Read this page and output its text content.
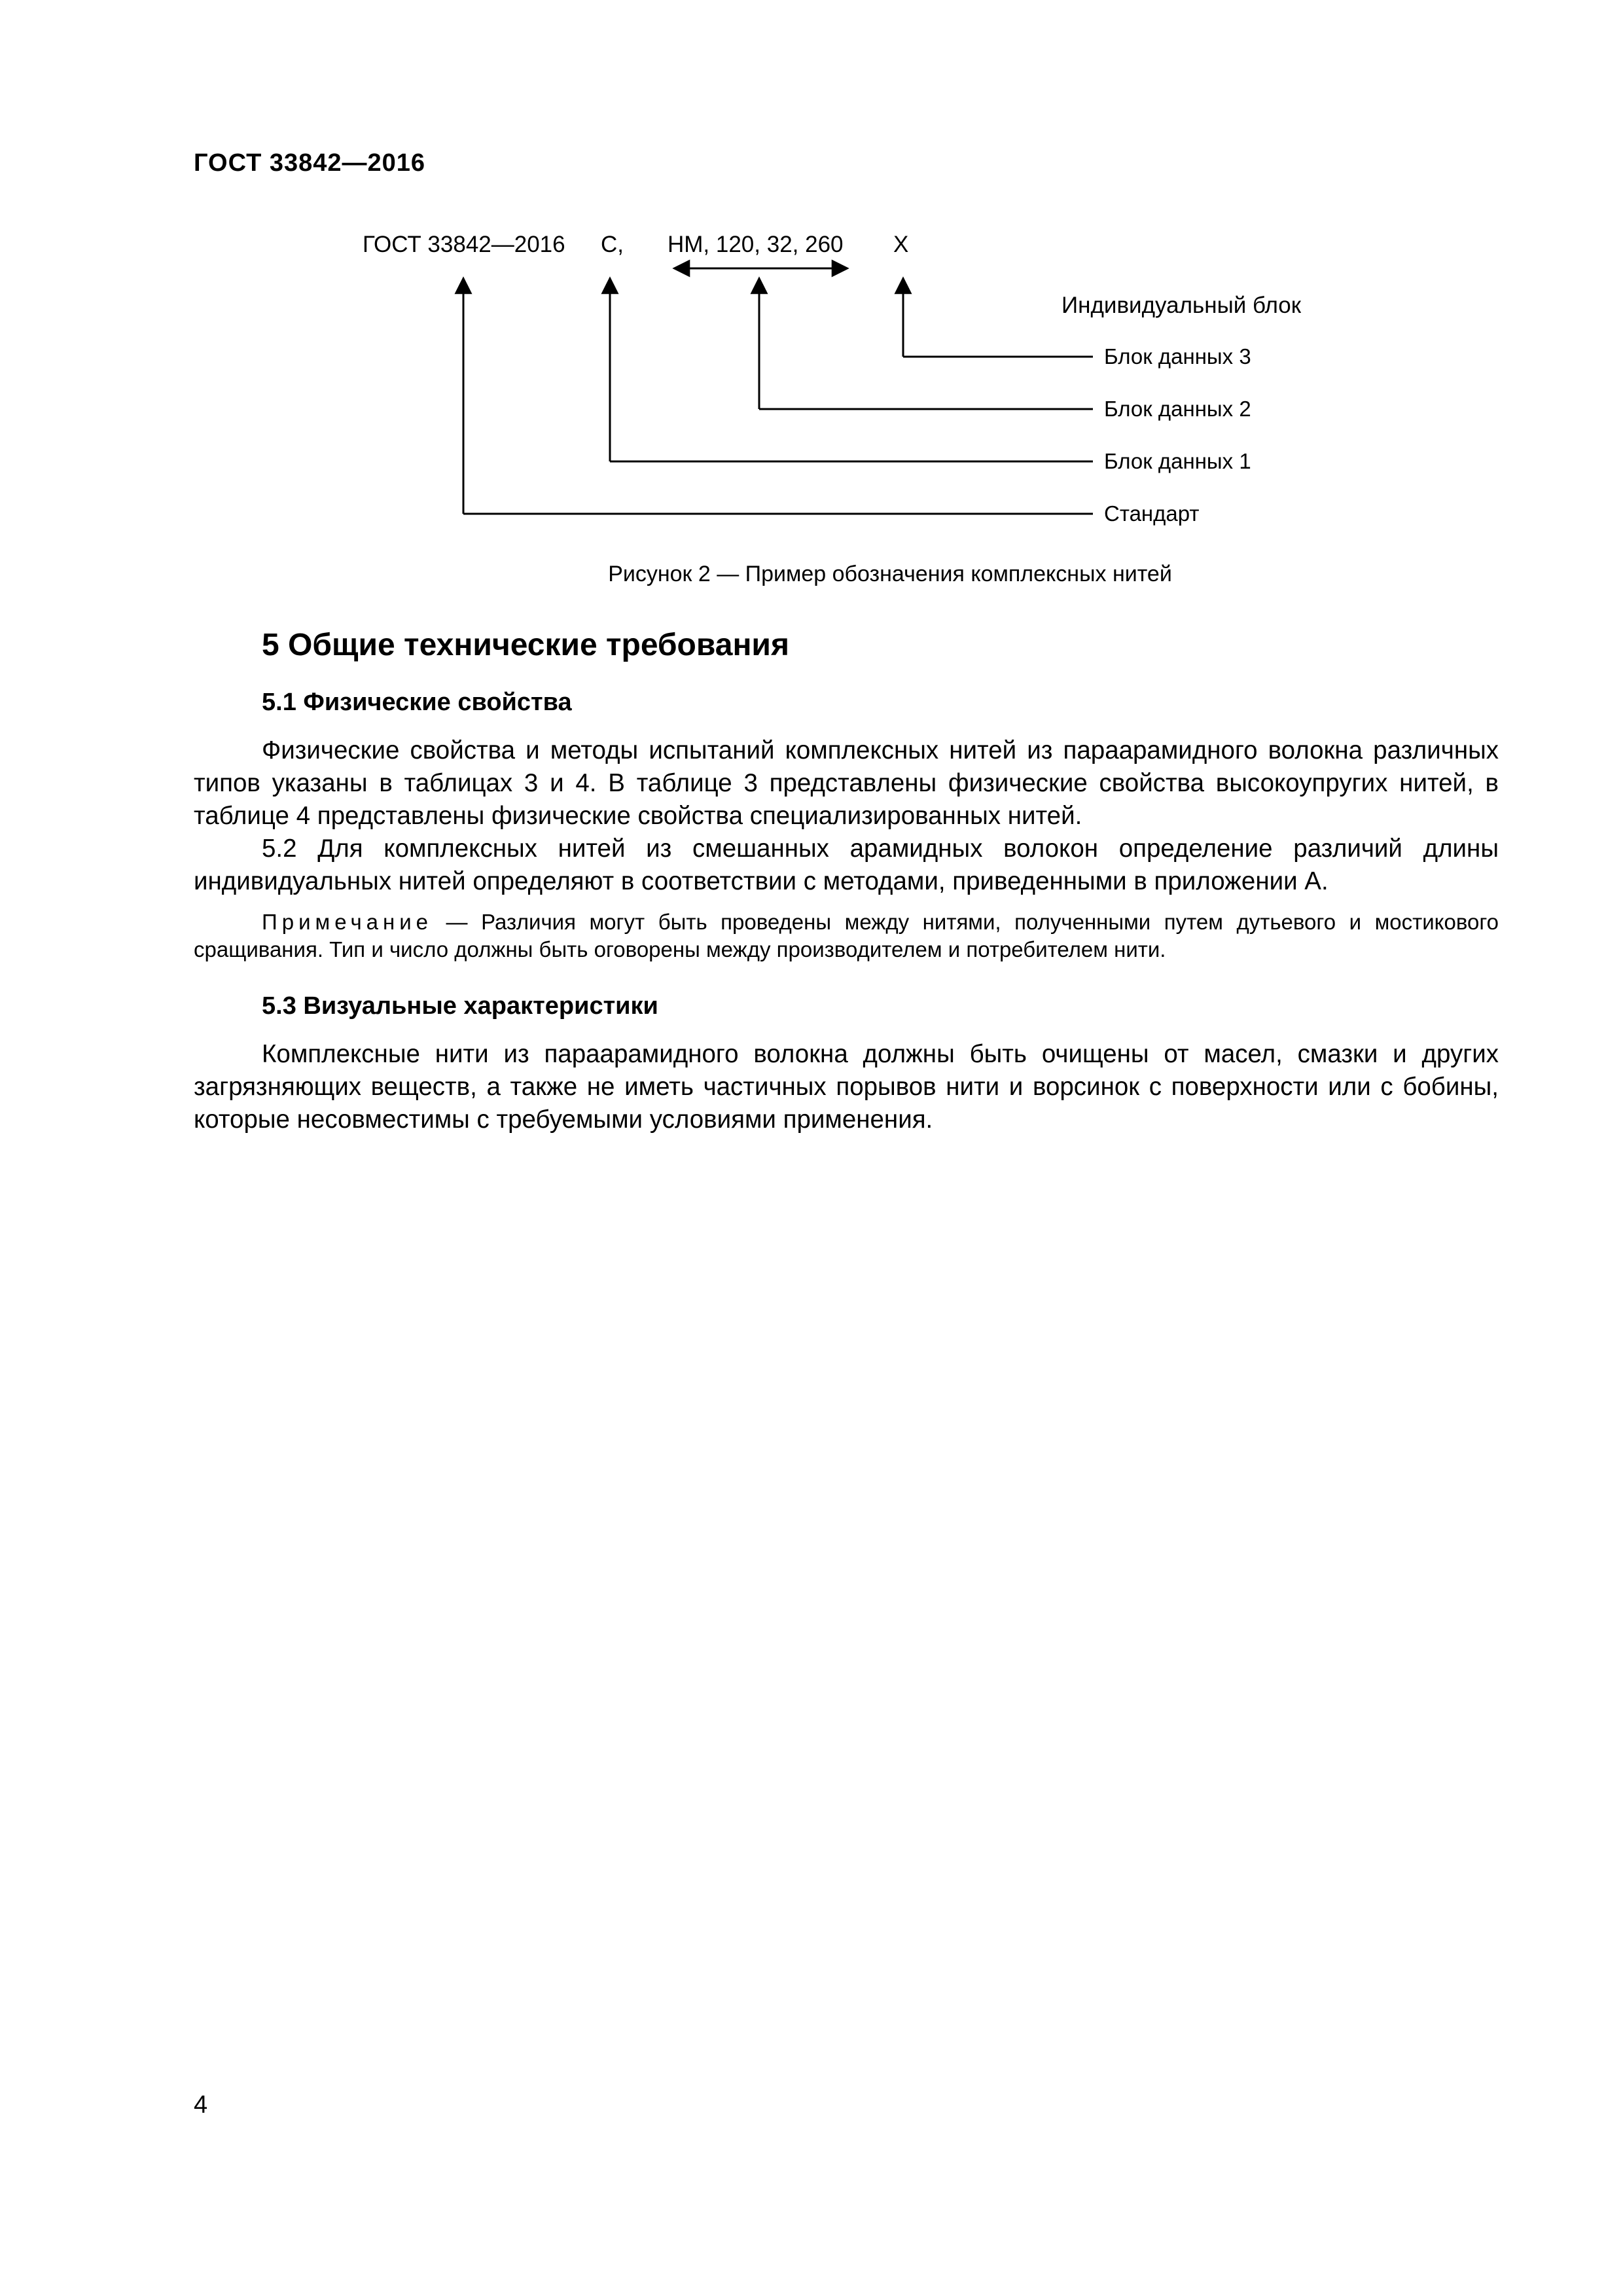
ГОСТ 33842—2016
ГОСТ 33842—2016 С, НМ, 120, 32, 260 Х
Индивидуальный блок
Блок данных 3
Блок данных 2
Блок данных 1
Стандарт
Рисунок 2 — Пример обозначения комплексных нитей
5 Общие технические требования
5.1 Физические свойства
Физические свойства и методы испытаний комплексных нитей из параарамидного волокна различных типов указаны в таблицах 3 и 4. В таблице 3 представлены физические свойства высокоупругих нитей, в таблице 4 представлены физические свойства специализированных нитей.
5.2 Для комплексных нитей из смешанных арамидных волокон определение различий длины индивидуальных нитей определяют в соответствии с методами, приведенными в приложении А.
Примечание — Различия могут быть проведены между нитями, полученными путем дутьевого и мостикового сращивания. Тип и число должны быть оговорены между производителем и потребителем нити.
5.3 Визуальные характеристики
Комплексные нити из параарамидного волокна должны быть очищены от масел, смазки и других загрязняющих веществ, а также не иметь частичных порывов нити и ворсинок с поверхности или с бобины, которые несовместимы с требуемыми условиями применения.
4
